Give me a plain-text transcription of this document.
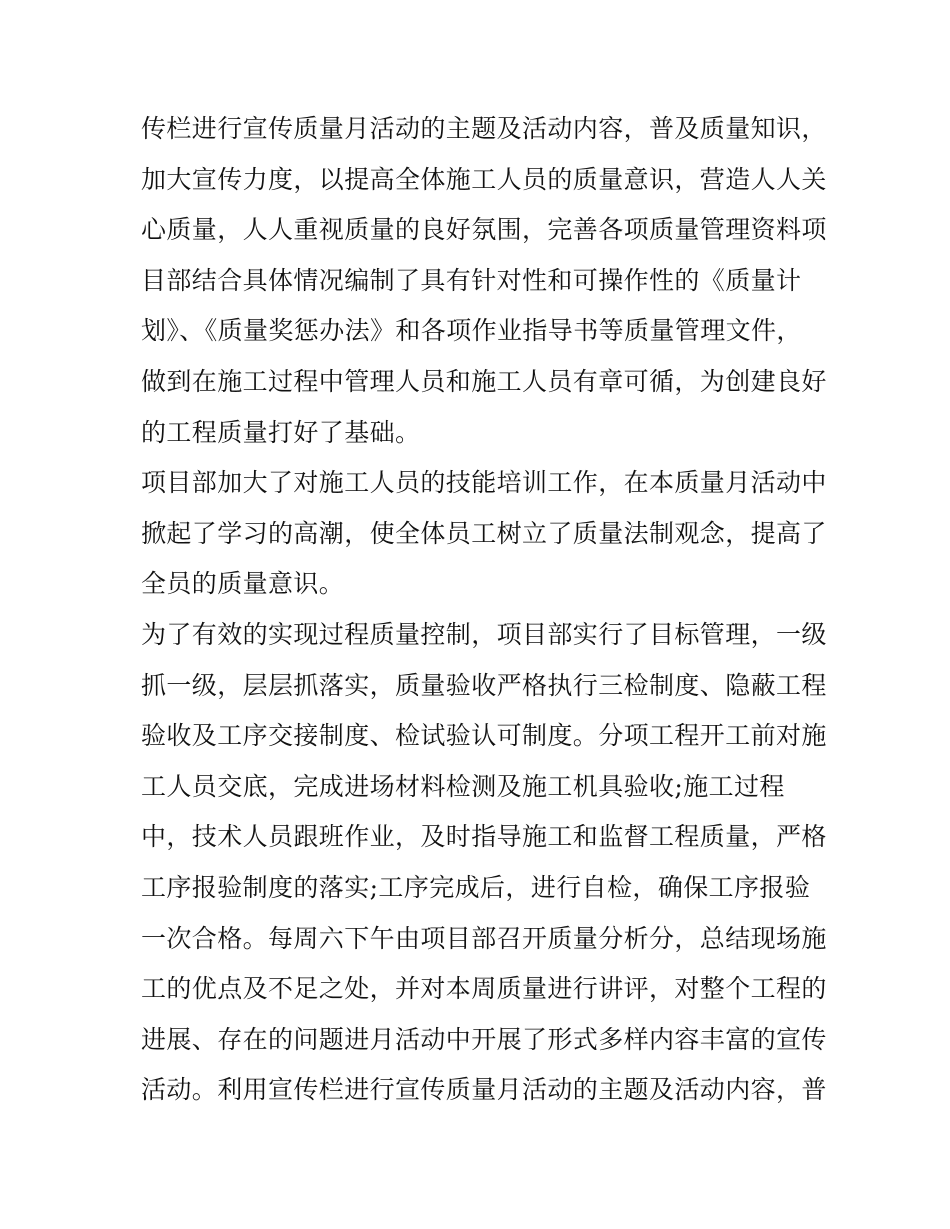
传栏进行宣传质量月活动的主题及活动内容，普及质量知识，
加大宣传力度，以提高全体施工人员的质量意识，营造人人关
心质量，人人重视质量的良好氛围，完善各项质量管理资料项
目部结合具体情况编制了具有针对性和可操作性的《质量计
划》、《质量奖惩办法》和各项作业指导书等质量管理文件，
做到在施工过程中管理人员和施工人员有章可循，为创建良好
的工程质量打好了基础。
项目部加大了对施工人员的技能培训工作，在本质量月活动中
掀起了学习的高潮，使全体员工树立了质量法制观念，提高了
全员的质量意识。
为了有效的实现过程质量控制，项目部实行了目标管理，一级
抓一级，层层抓落实，质量验收严格执行三检制度、隐蔽工程
验收及工序交接制度、检试验认可制度。分项工程开工前对施
工人员交底，完成进场材料检测及施工机具验收;施工过程
中，技术人员跟班作业，及时指导施工和监督工程质量，严格
工序报验制度的落实;工序完成后，进行自检，确保工序报验
一次合格。每周六下午由项目部召开质量分析分，总结现场施
工的优点及不足之处，并对本周质量进行讲评，对整个工程的
进展、存在的问题进月活动中开展了形式多样内容丰富的宣传
活动。利用宣传栏进行宣传质量月活动的主题及活动内容，普
